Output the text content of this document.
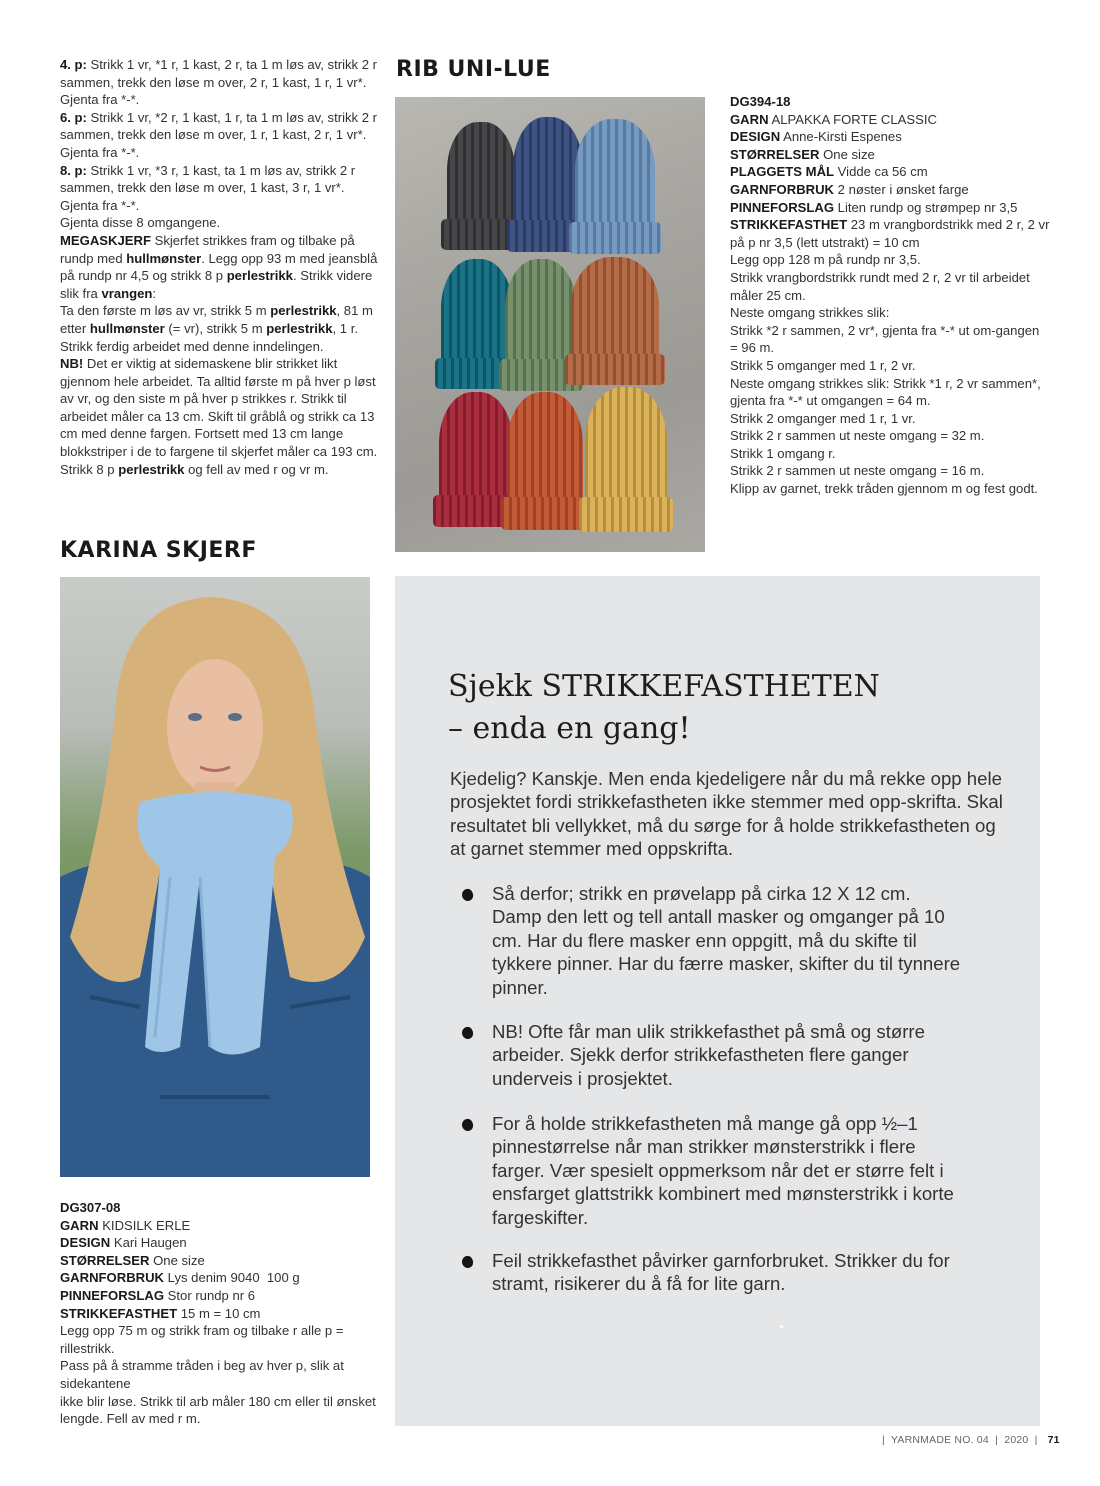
4. p: Strikk 1 vr, *1 r, 1 kast, 2 r, ta 1 m løs av, strikk 2 r sammen, trekk den løse m over, 2 r, 1 kast, 1 r, 1 vr*. Gjenta fra *-*.

6. p: Strikk 1 vr, *2 r, 1 kast, 1 r, ta 1 m løs av, strikk 2 r sammen, trekk den løse m over, 1 r, 1 kast, 2 r, 1 vr*. Gjenta fra *-*.

8. p: Strikk 1 vr, *3 r, 1 kast, ta 1 m løs av, strikk 2 r sammen, trekk den løse m over, 1 kast, 3 r, 1 vr*. Gjenta fra *-*.

Gjenta disse 8 omgangene.

MEGASKJERF Skjerfet strikkes fram og tilbake på rundp med hullmønster. Legg opp 93 m med jeansblå på rundp nr 4,5 og strikk 8 p perlestrikk. Strikk videre slik fra vrangen:

Ta den første m løs av vr, strikk 5 m perlestrikk, 81 m etter hullmønster (= vr), strikk 5 m perlestrikk, 1 r. Strikk ferdig arbeidet med denne inndelingen.

NB! Det er viktig at sidemaskene blir strikket likt gjennom hele arbeidet. Ta alltid første m på hver p løst av vr, og den siste m på hver p strikkes r. Strikk til arbeidet måler ca 13 cm. Skift til gråblå og strikk ca 13 cm med denne fargen. Fortsett med 13 cm lange blokkstriper i de to fargene til skjerfet måler ca 193 cm.

Strikk 8 p perlestrikk og fell av med r og vr m.

RIB UNI-LUE
KARINA SKJERF

DG394-18

GARN ALPAKKA FORTE CLASSIC

DESIGN Anne-Kirsti Espenes

STØRRELSER One size

PLAGGETS MÅL Vidde ca 56 cm

GARNFORBRUK 2 nøster i ønsket farge

PINNEFORSLAG Liten rundp og strømpep nr 3,5

STRIKKEFASTHET 23 m vrangbordstrikk med 2 r, 2 vr på p nr 3,5 (lett utstrakt) = 10 cm

Legg opp 128 m på rundp nr 3,5.

Strikk vrangbordstrikk rundt med 2 r, 2 vr til arbeidet måler 25 cm.

Neste omgang strikkes slik:

Strikk *2 r sammen, 2 vr*, gjenta fra *-* ut om-gangen = 96 m.

Strikk 5 omganger med 1 r, 2 vr.

Neste omgang strikkes slik: Strikk *1 r, 2 vr sammen*, gjenta fra *-* ut omgangen = 64 m.

Strikk 2 omganger med 1 r, 1 vr.

Strikk 2 r sammen ut neste omgang = 32 m.

Strikk 1 omgang r.

Strikk 2 r sammen ut neste omgang = 16 m.

Klipp av garnet, trekk tråden gjennom m og fest godt.

DG307-08

GARN KIDSILK ERLE

DESIGN Kari Haugen

STØRRELSER One size

GARNFORBRUK Lys denim 9040  100 g

PINNEFORSLAG Stor rundp nr 6

STRIKKEFASTHET 15 m = 10 cm

Legg opp 75 m og strikk fram og tilbake r alle p = rillestrikk.

Pass på å stramme tråden i beg av hver p, slik at sidekantene

ikke blir løse. Strikk til arb måler 180 cm eller til ønsket lengde. Fell av med r m.

Sjekk STRIKKEFASTHETEN
– enda en gang!
Kjedelig? Kanskje. Men enda kjedeligere når du må rekke opp hele prosjektet fordi strikkefastheten ikke stemmer med opp-skrifta. Skal resultatet bli vellykket, må du sørge for å holde strikkefastheten og at garnet stemmer med oppskrifta.
Så derfor; strikk en prøvelapp på cirka 12 X 12 cm. Damp den lett og tell antall masker og omganger på 10 cm. Har du flere masker enn oppgitt, må du skifte til tykkere pinner. Har du færre masker, skifter du til tynnere pinner.
NB! Ofte får man ulik strikkefasthet på små og større arbeider. Sjekk derfor strikkefastheten flere ganger underveis i prosjektet.
For å holde strikkefastheten må mange gå opp ½–1 pinnestørrelse når man strikker mønsterstrikk i flere farger. Vær spesielt oppmerksom når det er større felt i ensfarget glattstrikk kombinert med mønsterstrikk i korte fargeskifter.
Feil strikkefasthet påvirker garnforbruket. Strikker du for stramt, risikerer du å få for lite garn.
|  YARNMADE NO. 04  |  2020  | 71
